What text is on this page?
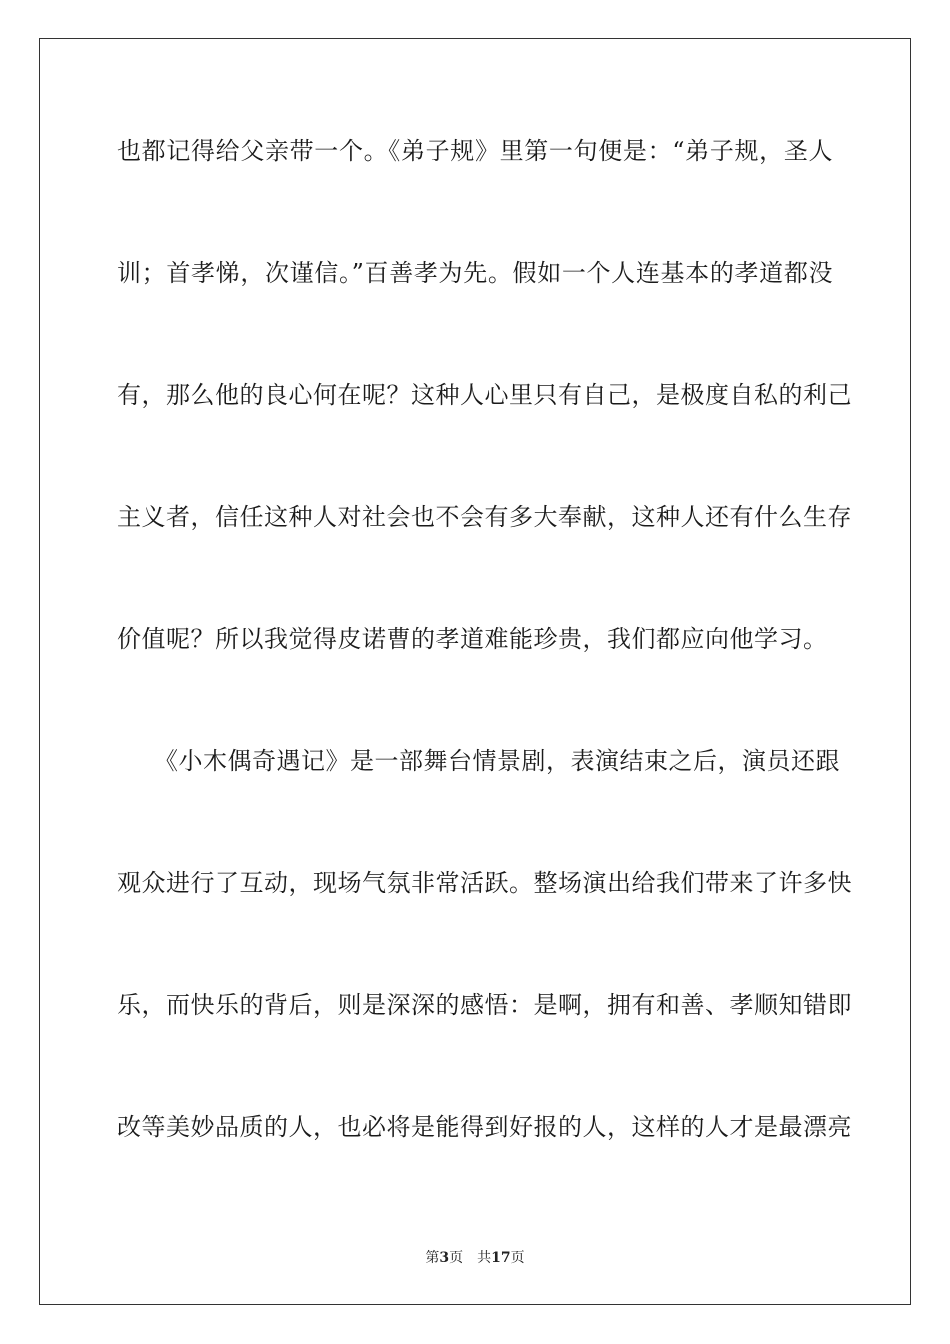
也都记得给父亲带一个。《弟子规》里第一句便是：“弟子规，圣人
训；首孝悌，次谨信。”百善孝为先。假如一个人连基本的孝道都没
有，那么他的良心何在呢？这种人心里只有自己，是极度自私的利己
主义者，信任这种人对社会也不会有多大奉献，这种人还有什么生存
价值呢？所以我觉得皮诺曹的孝道难能珍贵，我们都应向他学习。
　　《小木偶奇遇记》是一部舞台情景剧，表演结束之后，演员还跟
观众进行了互动，现场气氛非常活跃。整场演出给我们带来了许多快
乐，而快乐的背后，则是深深的感悟：是啊，拥有和善、孝顺知错即
改等美妙品质的人，也必将是能得到好报的人，这样的人才是最漂亮
第3页 共17页
